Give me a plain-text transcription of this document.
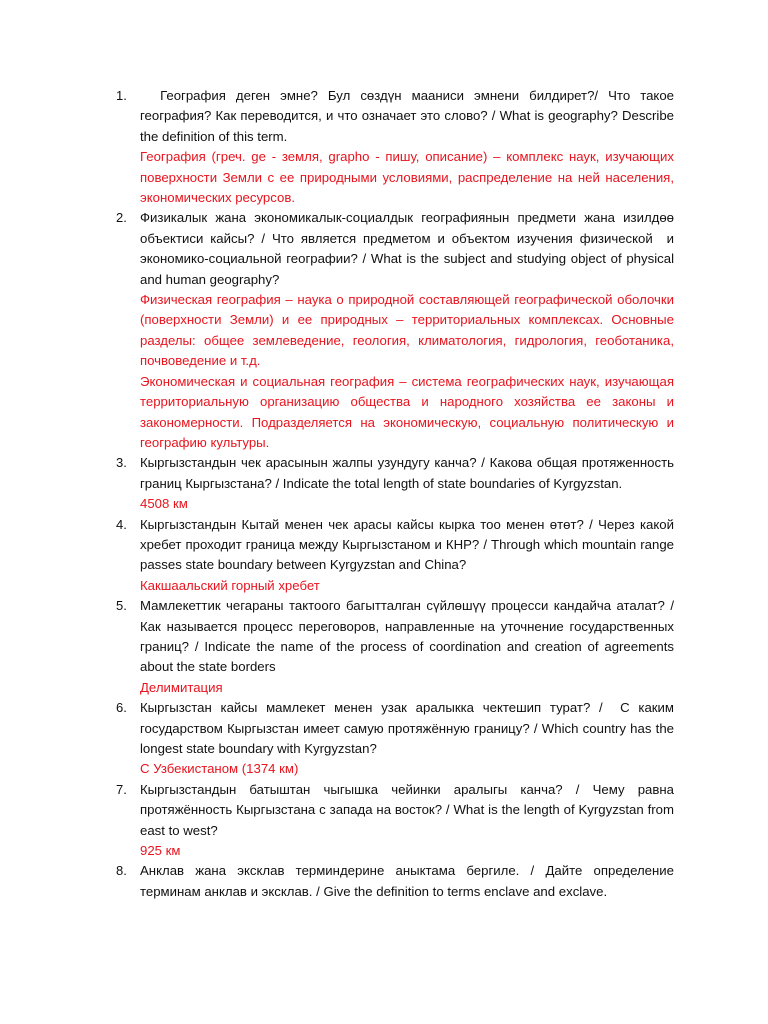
1. География деген эмне? Бул сөздүн мааниси эмнени билдирет?/ Что такое география? Как переводится, и что означает это слово? / What is geography? Describe the definition of this term.

География (греч. ge - земля, grapho - пишу, описание) – комплекс наук, изучающих поверхности Земли с ее природными условиями, распределение на ней населения, экономических ресурсов.

2. Физикалык жана экономикалык-социалдык географиянын предмети жана изилдөө объектиси кайсы? / Что является предметом и объектом изучения физической  и экономико-социальной географии? / What is the subject and studying object of physical and human geography?

Физическая география – наука о природной составляющей географической оболочки (поверхности Земли) и ее природных – территориальных комплексах. Основные разделы: общее землеведение, геология, климатология, гидрология, геоботаника, почвоведение и т.д.

Экономическая и социальная география – система географических наук, изучающая территориальную организацию общества и народного хозяйства ее законы и закономерности. Подразделяется на экономическую, социальную политическую и географию культуры.

3. Кыргызстандын чек арасынын жалпы узундугу канча? / Какова общая протяженность границ Кыргызстана? / Indicate the total length of state boundaries of Kyrgyzstan.

4508 км

4. Кыргызстандын Кытай менен чек арасы кайсы кырка тоо менен өтөт? / Через какой хребет проходит граница между Кыргызстаном и КНР? / Through which mountain range passes state boundary between Kyrgyzstan and China?

Какшаальский горный хребет

5. Мамлекеттик чегараны тактоого багытталган сүйлөшүү процесси кандайча аталат? / Как называется процесс переговоров, направленные на уточнение государственных границ? / Indicate the name of the process of coordination and creation of agreements about the state borders

Делимитация

6. Кыргызстан кайсы мамлекет менен узак аралыкка чектешип турат? /  С каким государством Кыргызстан имеет самую протяжённую границу? / Which country has the longest state boundary with Kyrgyzstan?

С Узбекистаном (1374 км)

7. Кыргызстандын батыштан чыгышка чейинки аралыгы канча? / Чему равна протяжённость Кыргызстана с запада на восток? / What is the length of Kyrgyzstan from east to west?

925 км

8. Анклав жана эксклав терминдерине аныктама бергиле. / Дайте определение терминам анклав и эксклав. / Give the definition to terms enclave and exclave.
